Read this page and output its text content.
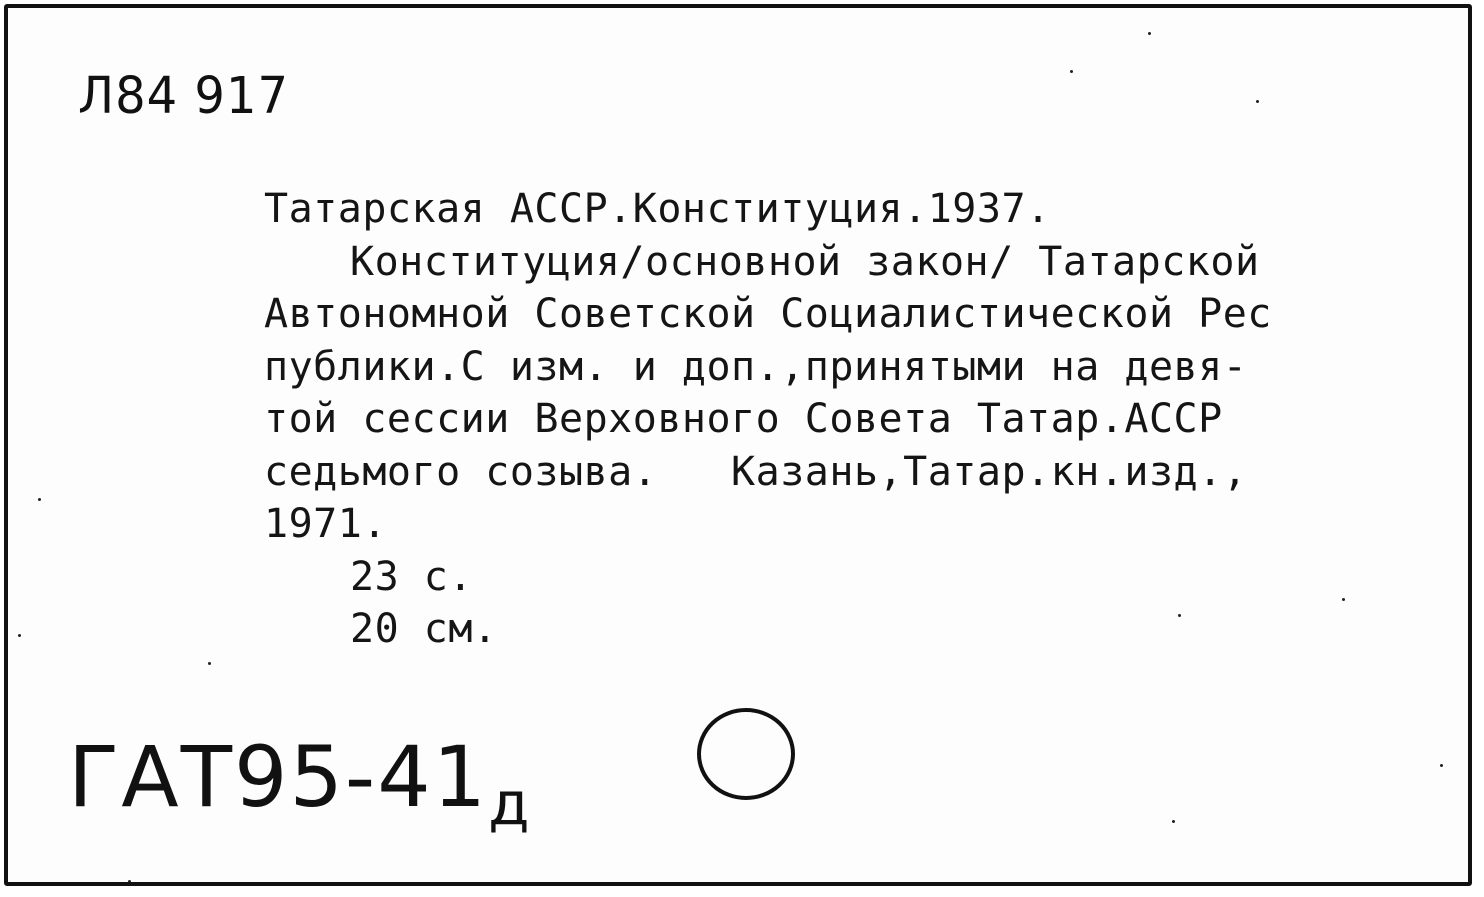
Л84 917
Татарская АССР.Конституция.1937.
Конституция/основной закон/ Татарской
Автономной Советской Социалистической Рес
публики.С изм. и доп.,принятыми на девя-
той сессии Верховного Совета Татар.АССР
седьмого созыва.   Казань,Татар.кн.изд.,
1971.
23 с.
20 см.
$ГАТ95-41_д$
